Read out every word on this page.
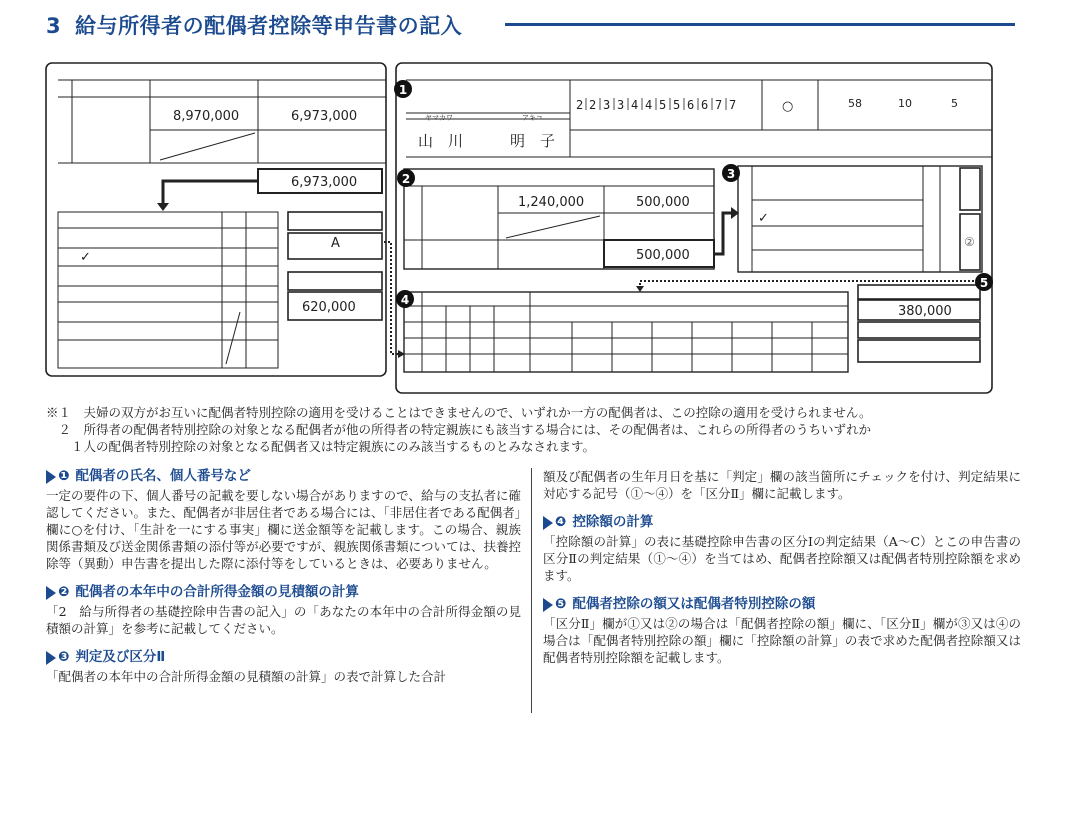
3 給与所得者の配偶者控除等申告書の記入
2 2 3 3 4 4 5 5 6 6 7 7
8,970,000	6,973,000
6,973,000
✓
A
620,000
ヤマカワ	アキコ
山　川	明　子
○	58	10	5
1,240,000	500,000
500,000
✓
②
380,000
1
2	3
4
5
※１　夫婦の双方がお互いに配偶者特別控除の適用を受けることはできませんので、いずれか一方の配偶者は、この控除の適用を受けられません。
　２　所得者の配偶者特別控除の対象となる配偶者が他の所得者の特定親族にも該当する場合には、その配偶者は、これらの所得者のうちいずれか
　　１人の配偶者特別控除の対象となる配偶者又は特定親族にのみ該当するものとみなされます。
❶ 配偶者の氏名、個人番号など

一定の要件の下、個人番号の記載を要しない場合がありますので、給与の支払者に確認してください。また、配偶者が非居住者である場合には、「非居住者である配偶者」欄に○を付け、「生計を一にする事実」欄に送金額等を記載します。この場合、親族関係書類及び送金関係書類の添付等が必要ですが、親族関係書類については、扶養控除等（異動）申告書を提出した際に添付等をしているときは、必要ありません。

❷ 配偶者の本年中の合計所得金額の見積額の計算

「2　給与所得者の基礎控除申告書の記入」の「あなたの本年中の合計所得金額の見積額の計算」を参考に記載してください。

❸ 判定及び区分Ⅱ

「配偶者の本年中の合計所得金額の見積額の計算」の表で計算した合計

額及び配偶者の生年月日を基に「判定」欄の該当箇所にチェックを付け、判定結果に対応する記号（①～④）を「区分Ⅱ」欄に記載します。

❹ 控除額の計算

「控除額の計算」の表に基礎控除申告書の区分Ⅰの判定結果（A～C）とこの申告書の区分Ⅱの判定結果（①～④）を当てはめ、配偶者控除額又は配偶者特別控除額を求めます。

❺ 配偶者控除の額又は配偶者特別控除の額

「区分Ⅱ」欄が①又は②の場合は「配偶者控除の額」欄に、「区分Ⅱ」欄が③又は④の場合は「配偶者特別控除の額」欄に「控除額の計算」の表で求めた配偶者控除額又は配偶者特別控除額を記載します。
